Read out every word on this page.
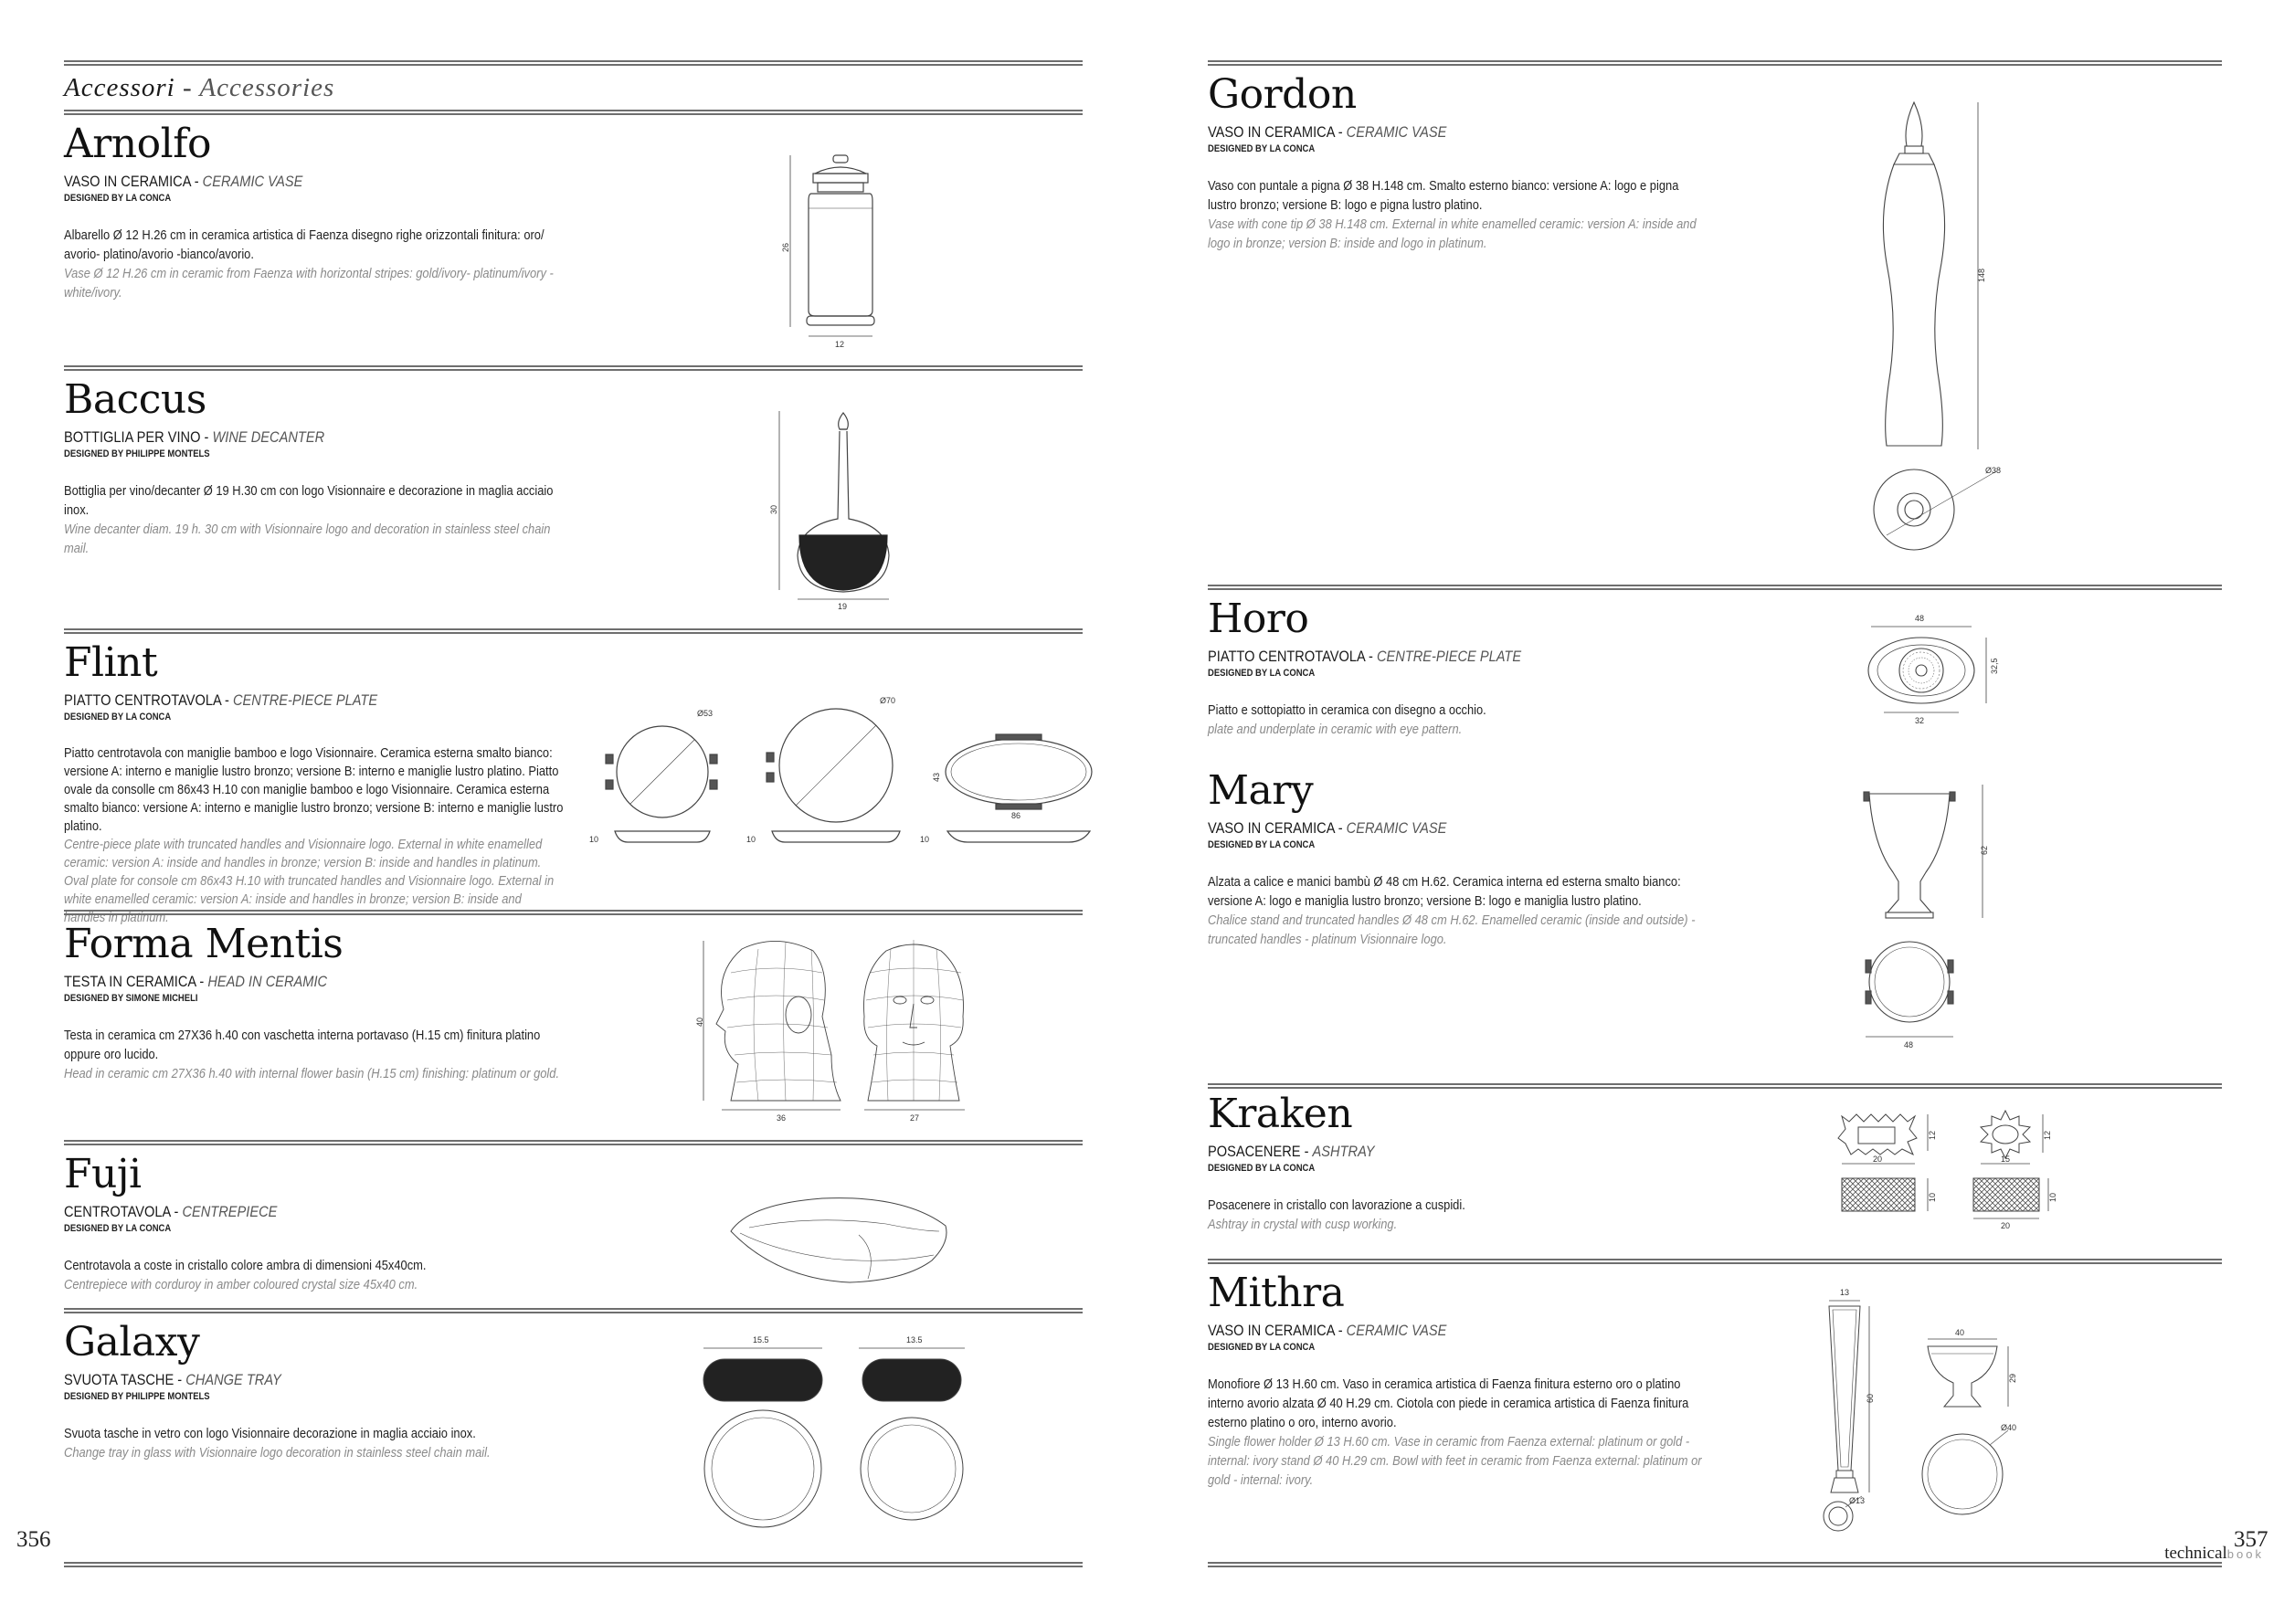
Accessori - Accessories
Arnolfo
VASO IN CERAMICA - CERAMIC VASE
DESIGNED BY LA CONCA
Albarello Ø 12 H.26 cm in ceramica artistica di Faenza disegno righe orizzontali finitura: oro/ avorio- platino/avorio -bianco/avorio.
Vase Ø 12 H.26 cm in ceramic from Faenza with horizontal stripes: gold/ivory- platinum/ivory -white/ivory.
26
12
Baccus
BOTTIGLIA PER VINO - WINE DECANTER
DESIGNED BY PHILIPPE MONTELS
Bottiglia per vino/decanter Ø 19 H.30 cm con logo Visionnaire e decorazione in maglia acciaio inox.
Wine decanter diam. 19 h. 30 cm with Visionnaire logo and decoration in stainless steel chain mail.
30
19
Flint
PIATTO CENTROTAVOLA - CENTRE-PIECE PLATE
DESIGNED BY LA CONCA
Piatto centrotavola con maniglie bamboo e logo Visionnaire. Ceramica esterna smalto bianco: versione A: interno e maniglie lustro bronzo; versione B: interno e maniglie lustro platino. Piatto ovale da consolle cm 86x43 H.10 con maniglie bamboo e logo Visionnaire. Ceramica esterna smalto bianco: versione A: interno e maniglie lustro bronzo; versione B: interno e maniglie lustro platino.
Centre-piece plate with truncated handles and Visionnaire logo. External in white enamelled ceramic: version A: inside and handles in bronze; version B: inside and handles in platinum. Oval plate for console cm 86x43 H.10 with truncated handles and Visionnaire logo. External in white enamelled ceramic: version A: inside and handles in bronze; version B: inside and handles in platinum.
Ø53
10
Ø70
10
43
86
10
Forma Mentis
TESTA IN CERAMICA - HEAD IN CERAMIC
DESIGNED BY SIMONE MICHELI
Testa in ceramica cm 27X36 h.40 con vaschetta interna portavaso (H.15 cm) finitura platino oppure oro lucido.
Head in ceramic cm 27X36 h.40 with internal flower basin (H.15 cm) finishing: platinum or gold.
40
36	27
Fuji
CENTROTAVOLA - CENTREPIECE
DESIGNED BY LA CONCA
Centrotavola a coste in cristallo colore ambra di dimensioni 45x40cm.
Centrepiece with corduroy in amber coloured crystal size 45x40 cm.
Galaxy
SVUOTA TASCHE - CHANGE TRAY
DESIGNED BY PHILIPPE MONTELS
Svuota tasche in vetro con logo Visionnaire decorazione in maglia acciaio inox.
Change tray in glass with Visionnaire logo decoration in stainless steel chain mail.
15.5	13.5
356
Gordon
VASO IN CERAMICA - CERAMIC VASE
DESIGNED BY LA CONCA
Vaso con puntale a pigna Ø 38 H.148 cm. Smalto esterno bianco: versione A: logo e pigna lustro bronzo; versione B: logo e pigna lustro platino.
Vase with cone tip Ø 38 H.148 cm. External in white enamelled ceramic: version A: inside and logo in bronze; version B: inside and logo in platinum.
148
Ø38
Horo
PIATTO CENTROTAVOLA - CENTRE-PIECE PLATE
DESIGNED BY LA CONCA
Piatto e sottopiatto in ceramica con disegno a occhio.
plate and underplate in ceramic with eye pattern.
48
32,5
32
Mary
VASO IN CERAMICA - CERAMIC VASE
DESIGNED BY LA CONCA
Alzata a calice e manici bambù Ø 48 cm H.62. Ceramica interna ed esterna smalto bianco: versione A: logo e maniglia lustro bronzo; versione B: logo e maniglia lustro platino.
Chalice stand and truncated handles Ø 48 cm H.62. Enamelled ceramic (inside and outside) - truncated handles - platinum Visionnaire logo.
62
48
Kraken
POSACENERE - ASHTRAY
DESIGNED BY LA CONCA
Posacenere in cristallo con lavorazione a cuspidi.
Ashtray in crystal with cusp working.
12
20
12
15
10	10
20
Mithra
VASO IN CERAMICA - CERAMIC VASE
DESIGNED BY LA CONCA
Monofiore Ø 13 H.60 cm. Vaso in ceramica artistica di Faenza finitura esterno oro o platino interno avorio alzata Ø 40 H.29 cm. Ciotola con piede in ceramica artistica di Faenza finitura esterno platino o oro, interno avorio.
Single flower holder Ø 13 H.60 cm. Vase in ceramic from Faenza external: platinum or gold - internal: ivory stand Ø 40 H.29 cm. Bowl with feet in ceramic from Faenza external: platinum or gold - internal: ivory.
13
60
Ø13
40
29
Ø40
357
technicalbook
